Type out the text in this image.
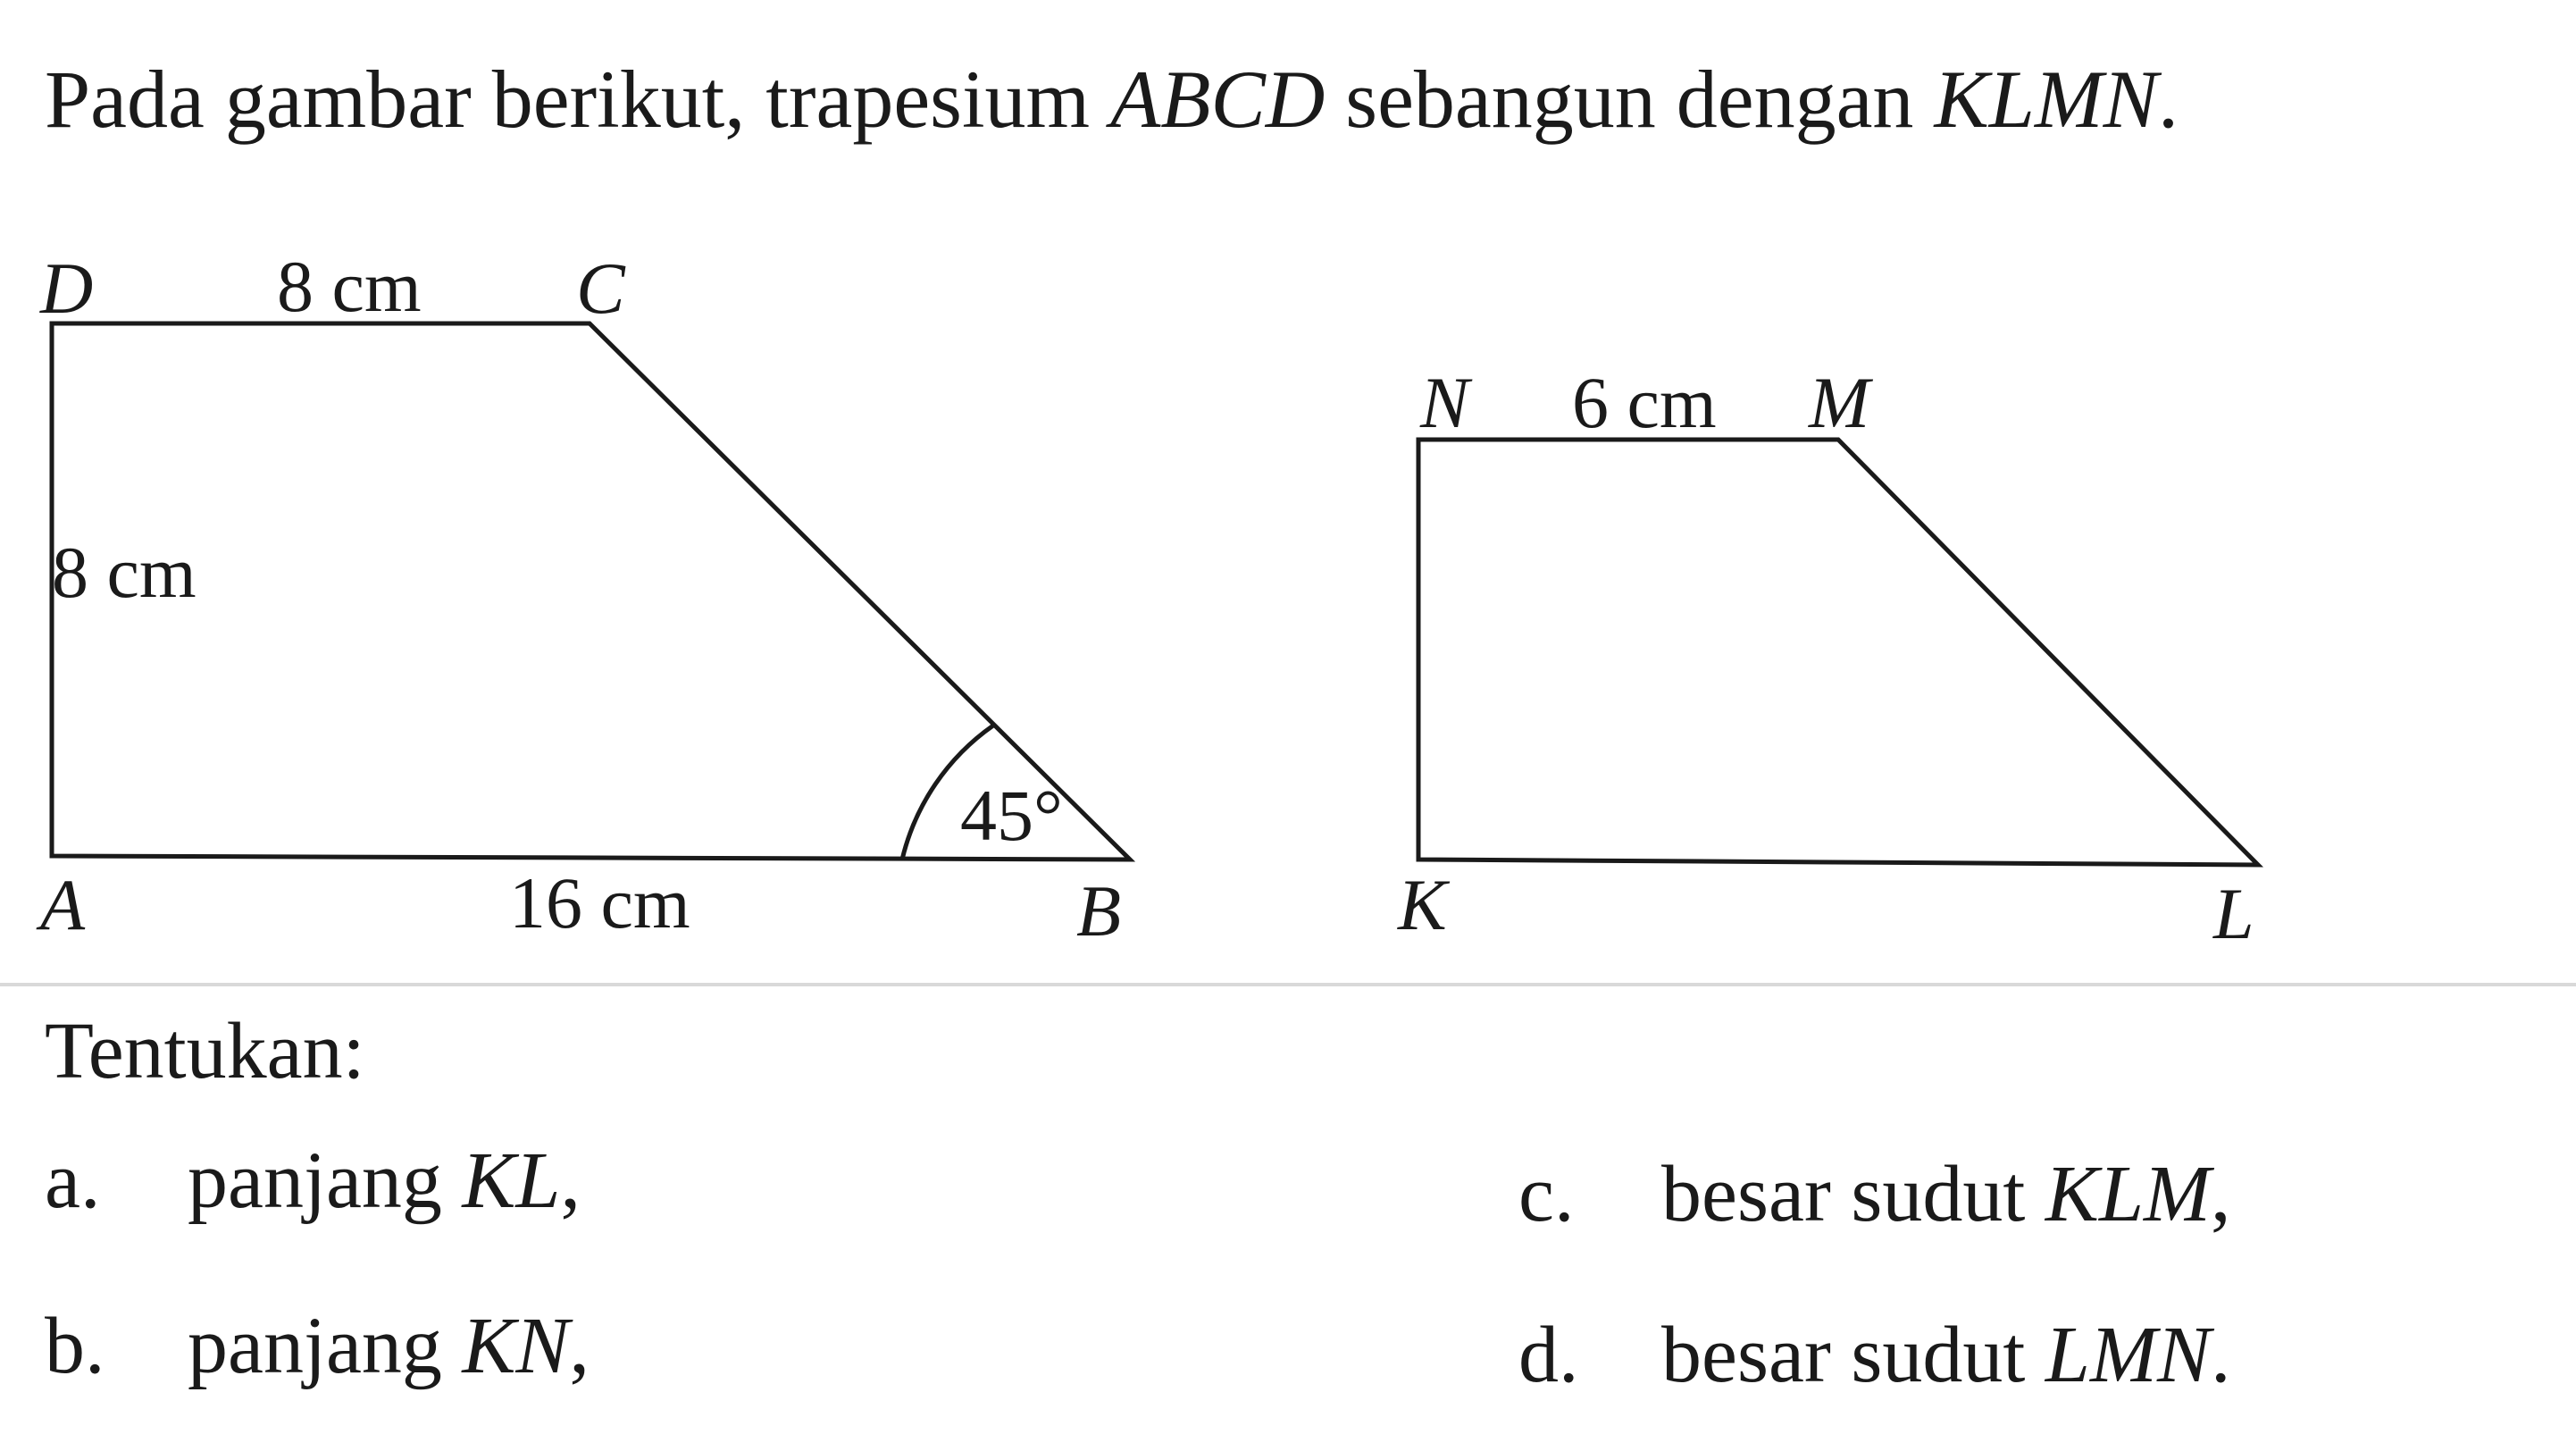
Pada gambar berikut, trapesium ABCD sebangun dengan KLMN.
D	C
A	B
8 cm
8 cm
16 cm
45°
N	M
K	L
6 cm
Tentukan:
a. panjang KL,
b. panjang KN,
c. besar sudut KLM,
d. besar sudut LMN.
